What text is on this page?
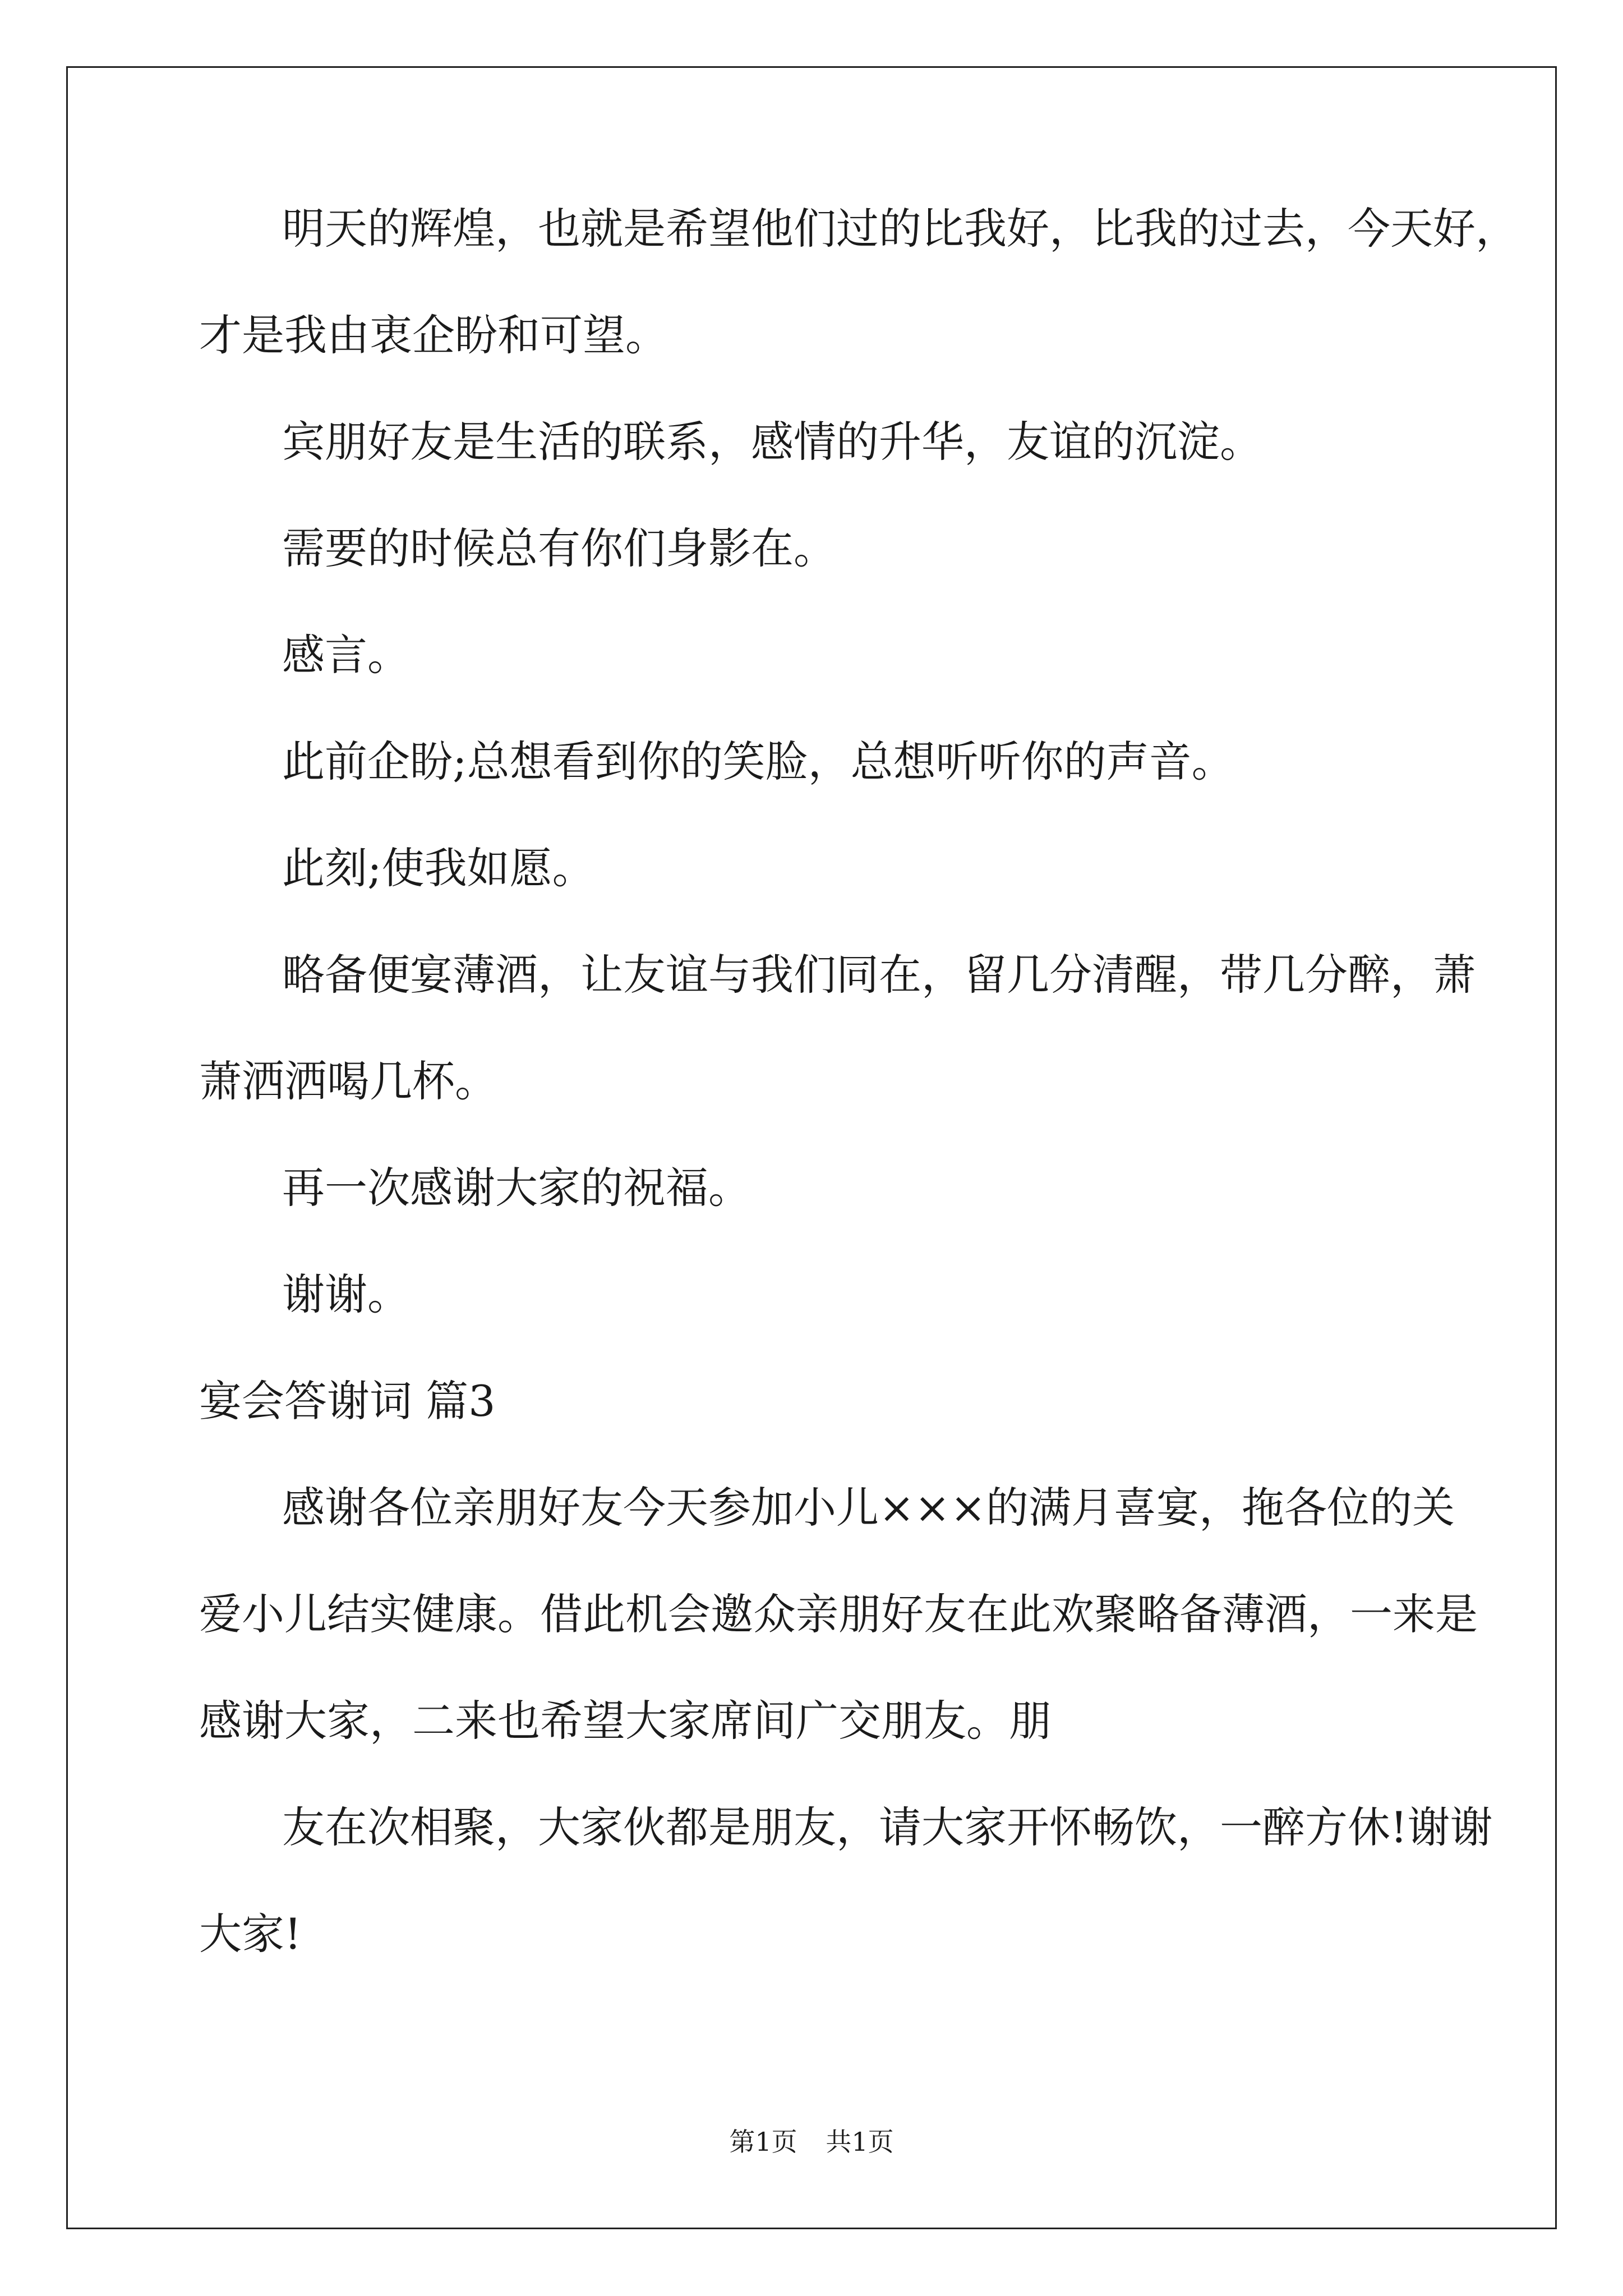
明天的辉煌，也就是希望他们过的比我好，比我的过去，今天好，
才是我由衷企盼和可望。
宾朋好友是生活的联系，感情的升华，友谊的沉淀。
需要的时候总有你们身影在。
感言。
此前企盼;总想看到你的笑脸，总想听听你的声音。
此刻;使我如愿。
略备便宴薄酒，让友谊与我们同在，留几分清醒，带几分醉，萧
萧洒洒喝几杯。
再一次感谢大家的祝福。
谢谢。
宴会答谢词 篇3
感谢各位亲朋好友今天参加小儿×××的满月喜宴，拖各位的关
爱小儿结实健康。借此机会邀众亲朋好友在此欢聚略备薄酒，一来是
感谢大家，二来也希望大家席间广交朋友。朋
友在次相聚，大家伙都是朋友，请大家开怀畅饮，一醉方休!谢谢
大家!
第1页 共1页
